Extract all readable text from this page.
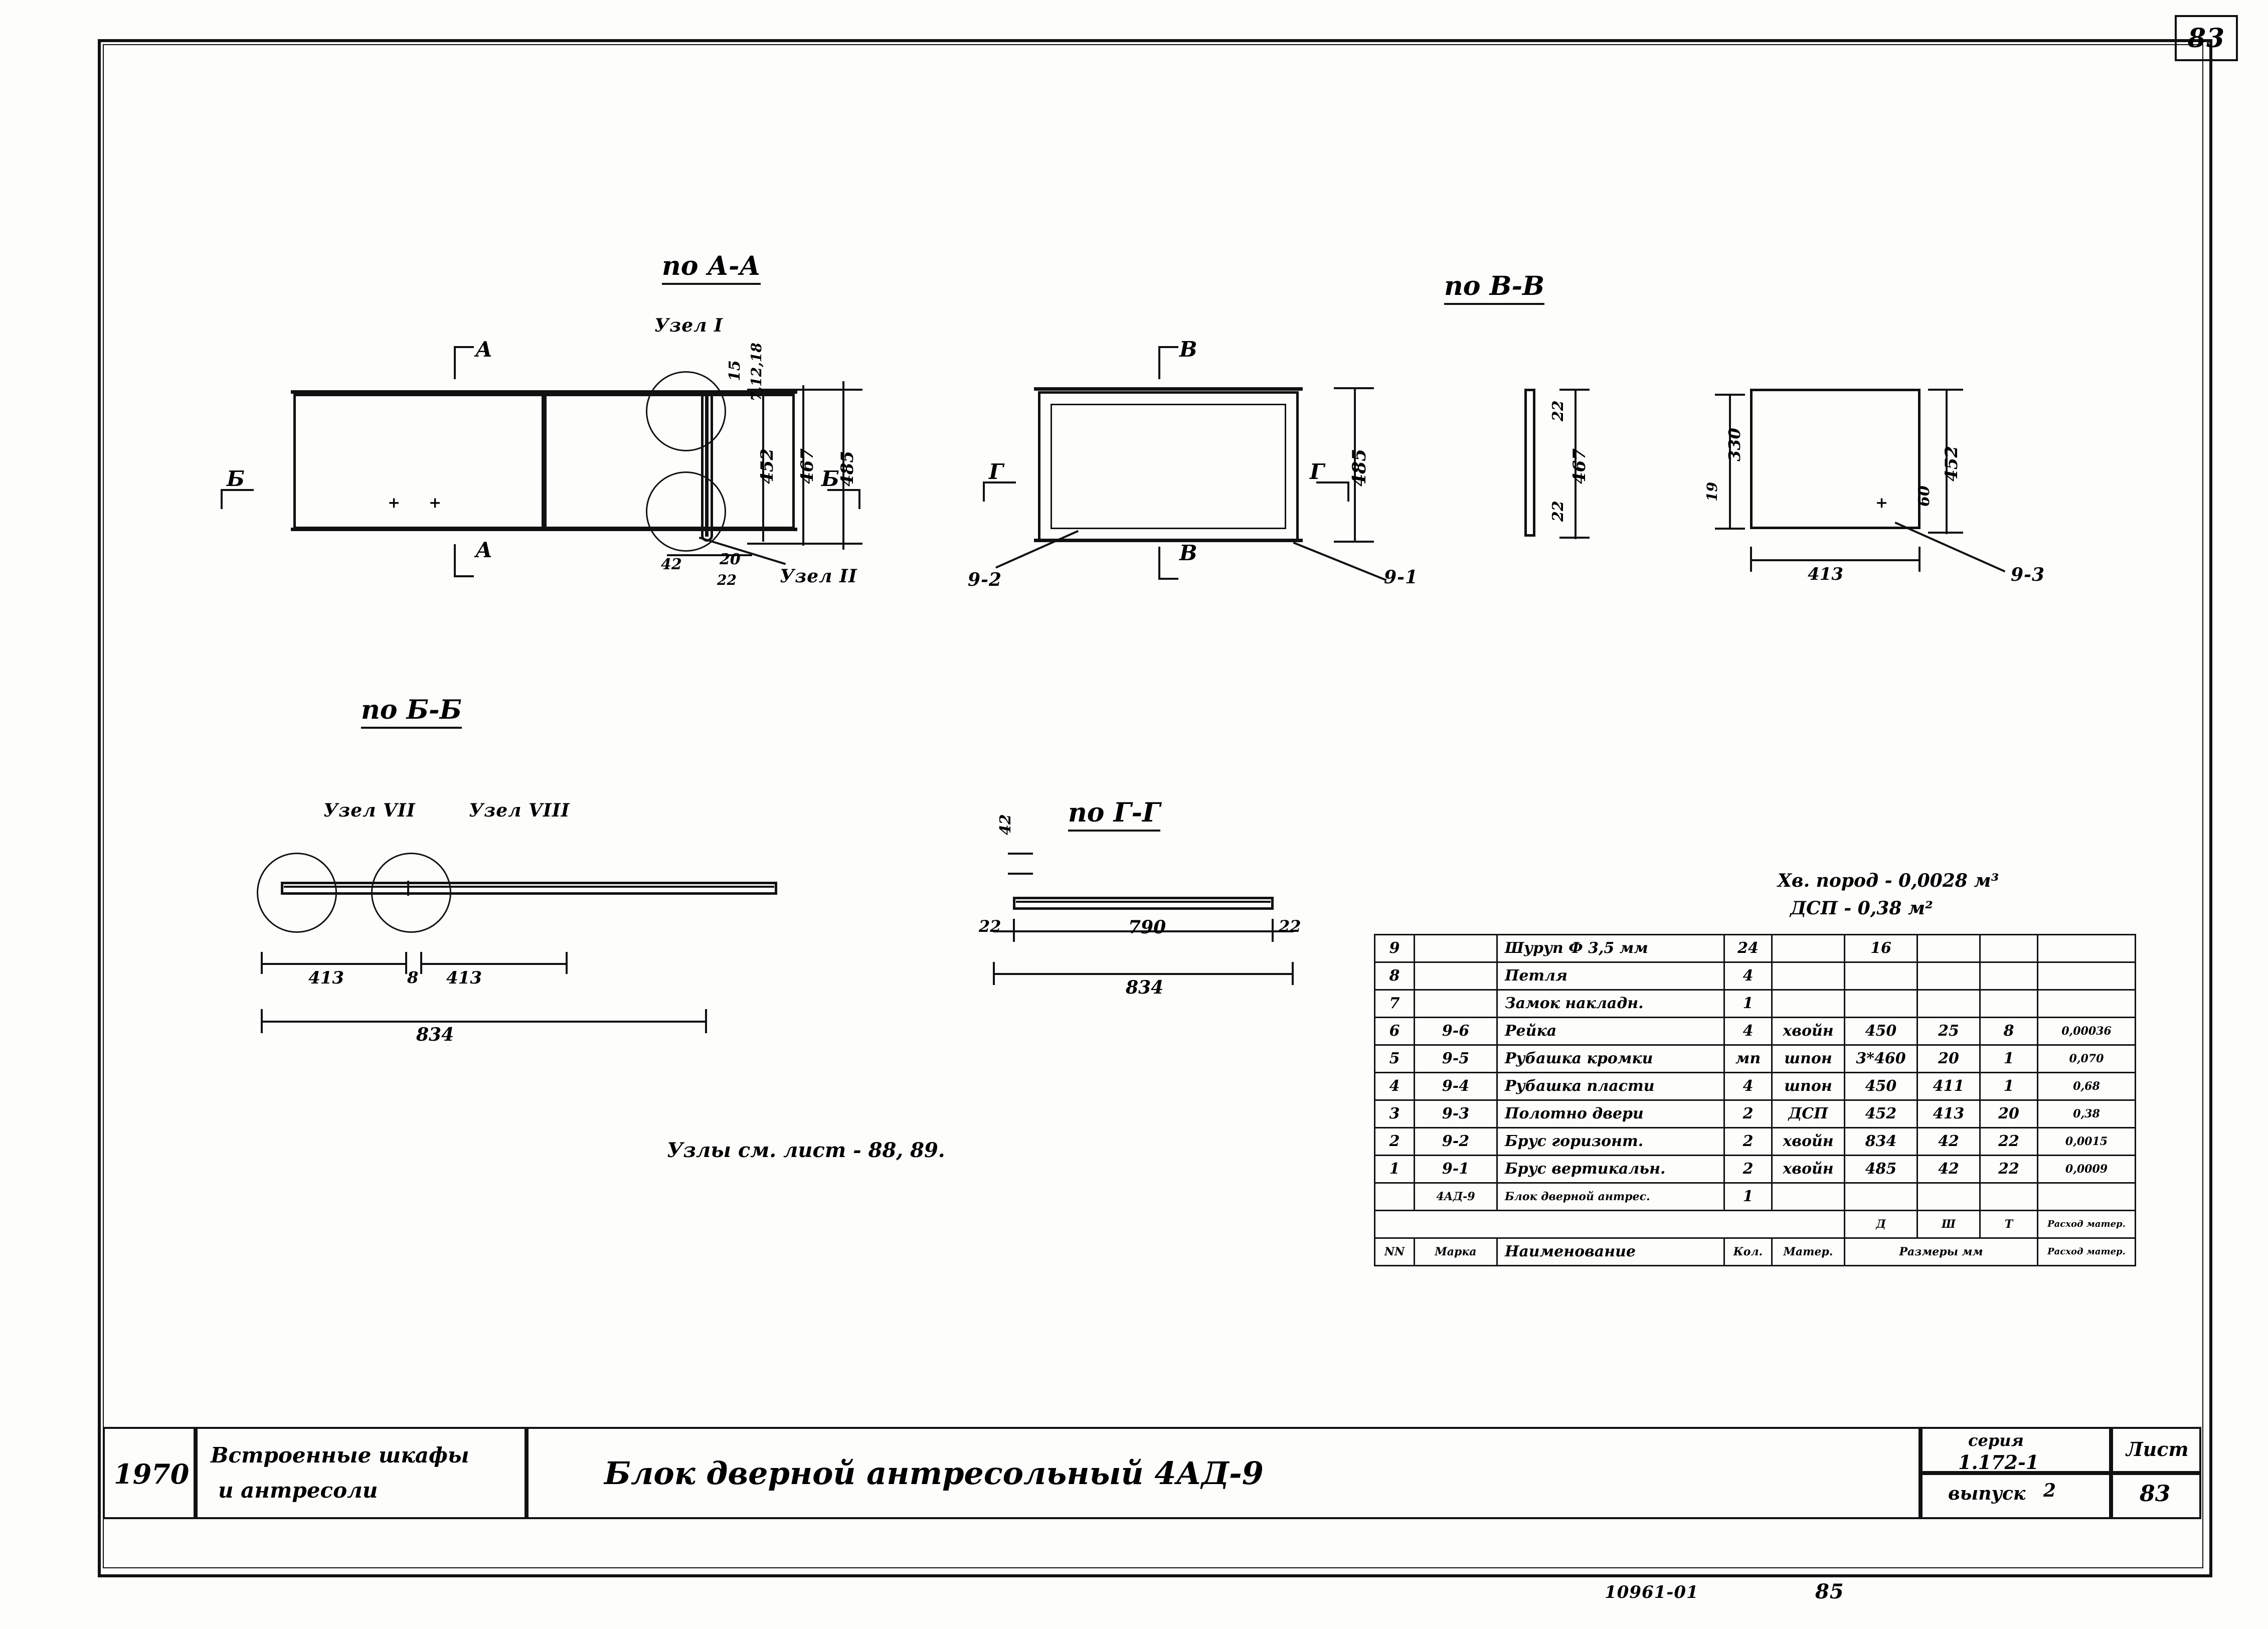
83
+ +
А
А
Б	Б
по А-А
Узел I
Узел II
452 467 485
15 7,12,18
42	20
22
В
В
Г	Г 485
9-2	9-1
по В-В
22
22
467
+
330
19
452
60
413	9-3
по Б-Б
Узел VII	Узел VIII
413	8 413
834
Узлы см. лист - 88, 89.
по Г-Г
42
790
22	22
834
Хв. пород - 0,0028 м³
ДСП - 0,38 м²
9		Шуруп Ф 3,5 мм	24		16			
8		Петля	4					
7		Замок накладн.	1					
6	9-6	Рейка	4	хвойн	450	25	8	0,00036
5	9-5	Рубашка кромки	мп	шпон	3*460	20	1	0,070
4	9-4	Рубашка пласти	4	шпон	450	411	1	0,68
3	9-3	Полотно двери	2	ДСП	452	413	20	0,38
2	9-2	Брус горизонт.	2	хвойн	834	42	22	0,0015
1	9-1	Брус вертикальн.	2	хвойн	485	42	22	0,0009
	4АД-9	Блок дверной антрес.	1					
					Д	Ш	Т	Расход матер.
NN	Марка	Наименование	Кол.	Матер.	Размеры мм			Расход матер.
1970
Встроенные шкафы
и антресоли	Блок дверной антресольный 4АД-9
серия
1.172-1
выпуск 2
Лист
83
10961-01	85
